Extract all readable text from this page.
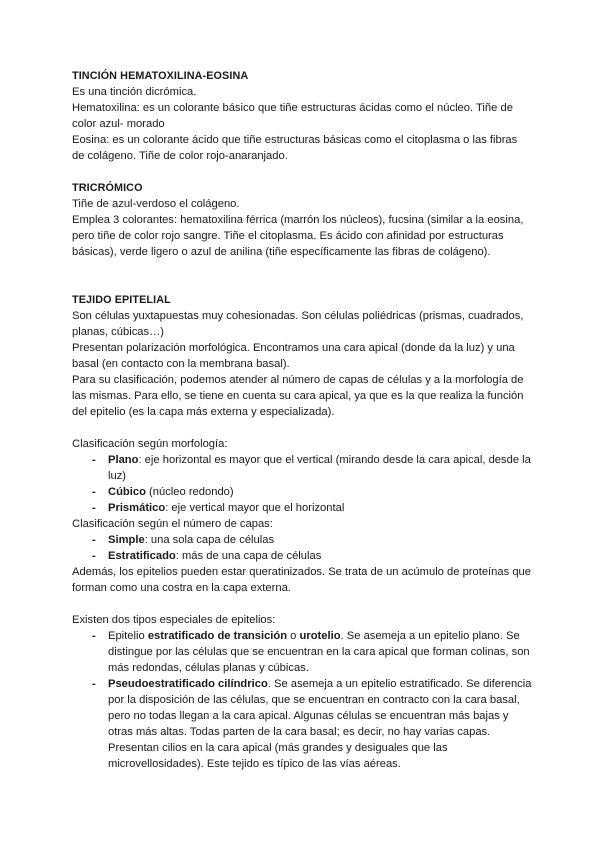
TINCIÓN HEMATOXILINA-EOSINA

Es una tinción dicrómica.

Hematoxilina: es un colorante básico que tiñe estructuras ácidas como el núcleo. Tiñe de color azul- morado

Eosina: es un colorante ácido que tiñe estructuras básicas como el citoplasma o las fibras de colágeno. Tiñe de color rojo-anaranjado.

TRICRÓMICO

Tiñe de azul-verdoso el colágeno.

Emplea 3 colorantes: hematoxilina férrica (marrón los núcleos), fucsina (similar a la eosina, pero tiñe de color rojo sangre. Tiñe el citoplasma. Es ácido con afinidad por estructuras básicas), verde ligero o azul de anilina (tiñe específicamente las fibras de colágeno).

TEJIDO EPITELIAL

Son células yuxtapuestas muy cohesionadas. Son células poliédricas (prismas, cuadrados, planas, cúbicas…)

Presentan polarización morfológica. Encontramos una cara apical (donde da la luz) y una basal (en contacto con la membrana basal).

Para su clasificación, podemos atender al número de capas de células y a la morfología de las mismas. Para ello, se tiene en cuenta su cara apical, ya que es la que realiza la función del epitelio (es la capa más externa y especializada).

Clasificación según morfología:

- Plano: eje horizontal es mayor que el vertical (mirando desde la cara apical, desde la luz)
- Cúbico (núcleo redondo)
- Prismático: eje vertical mayor que el horizontal

Clasificación según el número de capas:

- Simple: una sola capa de células
- Estratificado: más de una capa de células

Además, los epitelios pueden estar queratinizados. Se trata de un acúmulo de proteínas que forman como una costra en la capa externa.

Existen dos tipos especiales de epitelios:

- Epitelio estratificado de transición o urotelio. Se asemeja a un epitelio plano. Se distingue por las células que se encuentran en la cara apical que forman colinas, son más redondas, células planas y cúbicas.
- Pseudoestratificado cilíndrico. Se asemeja a un epitelio estratificado. Se diferencia por la disposición de las células, que se encuentran en contracto con la cara basal, pero no todas llegan a la cara apical. Algunas células se encuentran más bajas y otras más altas. Todas parten de la cara basal; es decir, no hay varias capas. Presentan cilios en la cara apical (más grandes y desiguales que las microvellosidades). Este tejido es típico de las vías aéreas.
